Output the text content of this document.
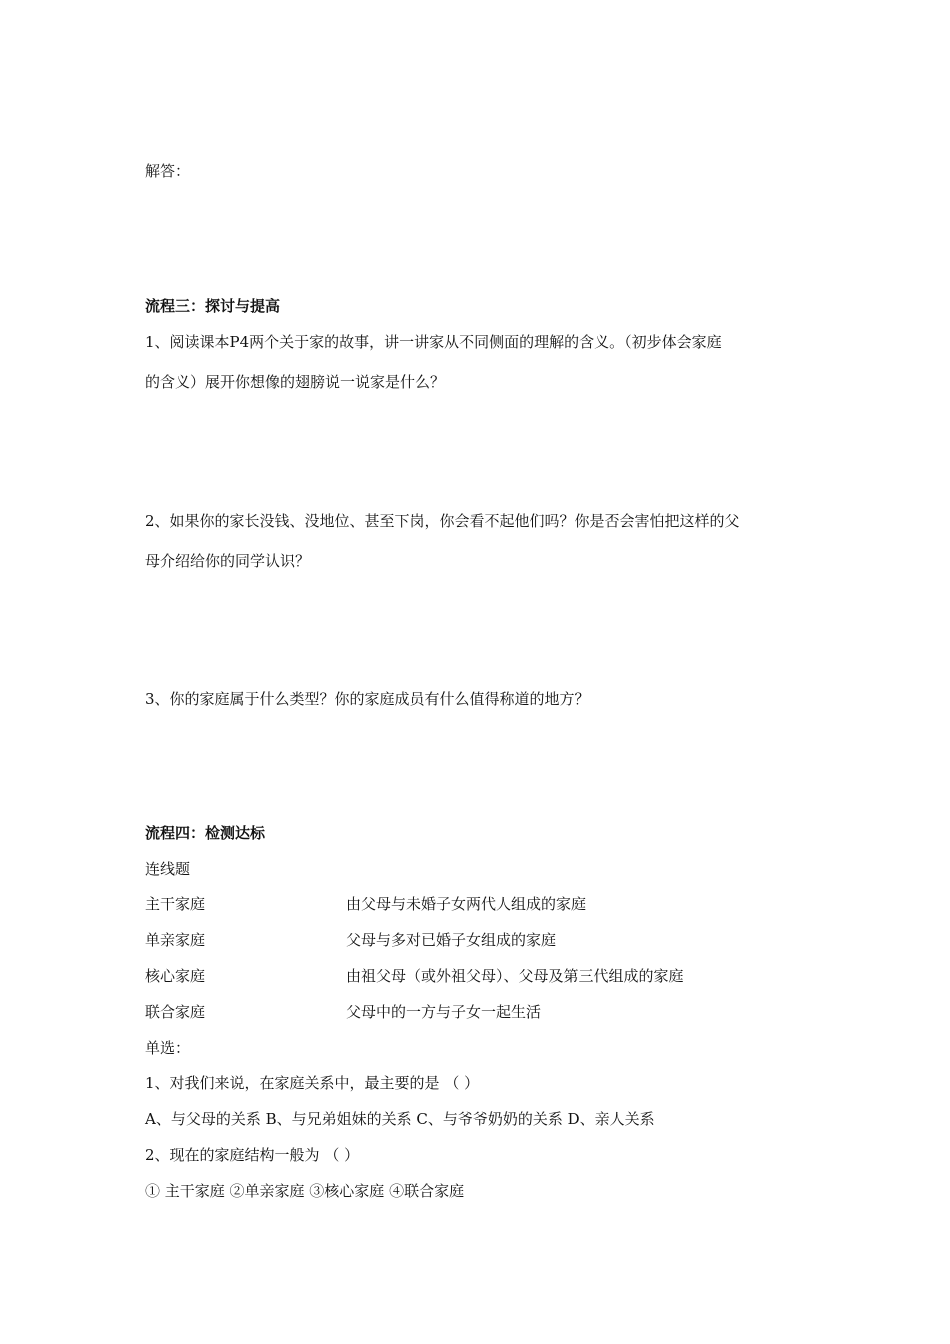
解答：
流程三：探讨与提高
1、阅读课本P4两个关于家的故事，讲一讲家从不同侧面的理解的含义。（初步体会家庭
的含义）展开你想像的翅膀说一说家是什么？
2、如果你的家长没钱、没地位、甚至下岗，你会看不起他们吗？你是否会害怕把这样的父
母介绍给你的同学认识？
3、你的家庭属于什么类型？你的家庭成员有什么值得称道的地方？
流程四：检测达标
连线题
主干家庭	由父母与未婚子女两代人组成的家庭
单亲家庭	父母与多对已婚子女组成的家庭
核心家庭	由祖父母（或外祖父母）、父母及第三代组成的家庭
联合家庭	父母中的一方与子女一起生活
单选：
1、对我们来说，在家庭关系中，最主要的是 （ ）
A、与父母的关系 B、与兄弟姐妹的关系 C、与爷爷奶奶的关系 D、亲人关系
2、现在的家庭结构一般为 （ ）
① 主干家庭 ②单亲家庭 ③核心家庭 ④联合家庭
